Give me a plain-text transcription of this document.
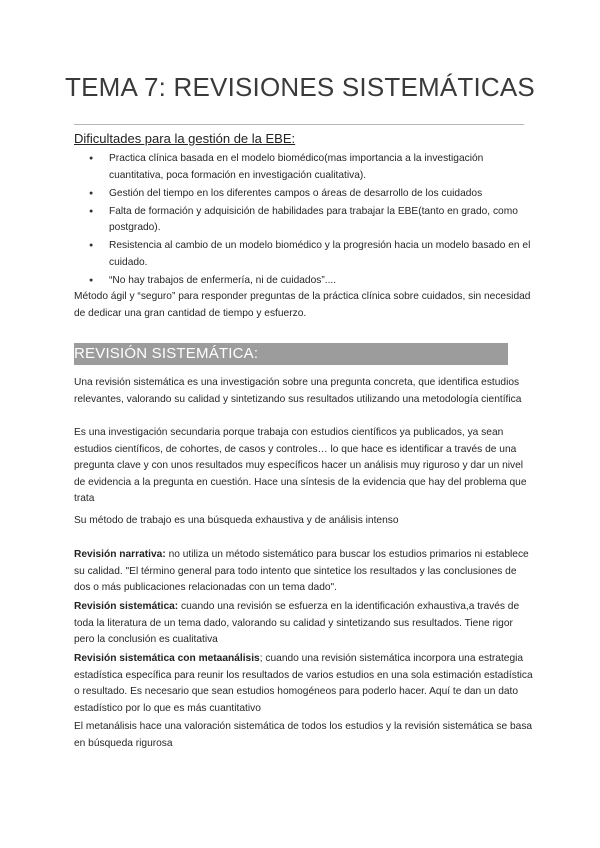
TEMA 7: REVISIONES SISTEMÁTICAS
Dificultades para la gestión de la EBE:
● Practica clínica basada en el modelo biomédico(mas importancia a la investigación cuantitativa, poca formación en investigación cualitativa).
● Gestión del tiempo en los diferentes campos o áreas de desarrollo de los cuidados
● Falta de formación y adquisición de habilidades para trabajar la EBE(tanto en grado, como postgrado).
● Resistencia al cambio de un modelo biomédico y la progresión hacia un modelo basado en el cuidado.
● “No hay trabajos de enfermería, ni de cuidados”....

Método ágil y “seguro” para responder preguntas de la práctica clínica sobre cuidados, sin necesidad de dedicar una gran cantidad de tiempo y esfuerzo.

REVISIÓN SISTEMÁTICA:

Una revisión sistemática es una investigación sobre una pregunta concreta, que identifica estudios relevantes, valorando su calidad y sintetizando sus resultados utilizando una metodología científica

Es una investigación secundaria porque trabaja con estudios científicos ya publicados, ya sean estudios científicos, de cohortes, de casos y controles… lo que hace es identificar a través de una pregunta clave y con unos resultados muy específicos hacer un análisis muy riguroso y dar un nivel de evidencia a la pregunta en cuestión. Hace una síntesis de la evidencia que hay del problema que trata

Su método de trabajo es una búsqueda exhaustiva y de análisis intenso

Revisión narrativa: no utiliza un método sistemático para buscar los estudios primarios ni establece su calidad. "El término general para todo intento que sintetice los resultados y las conclusiones de dos o más publicaciones relacionadas con un tema dado".

Revisión sistemática: cuando una revisión se esfuerza en la identificación exhaustiva,a través de toda la literatura de un tema dado, valorando su calidad y sintetizando sus resultados. Tiene rigor pero la conclusión es cualitativa

Revisión sistemática con metaanálisis; cuando una revisión sistemática incorpora una estrategia estadística específica para reunir los resultados de varios estudios en una sola estimación estadística o resultado. Es necesario que sean estudios homogéneos para poderlo hacer. Aquí te dan un dato estadístico por lo que es más cuantitativo

El metanálisis hace una valoración sistemática de todos los estudios y la revisión sistemática se basa en búsqueda rigurosa
